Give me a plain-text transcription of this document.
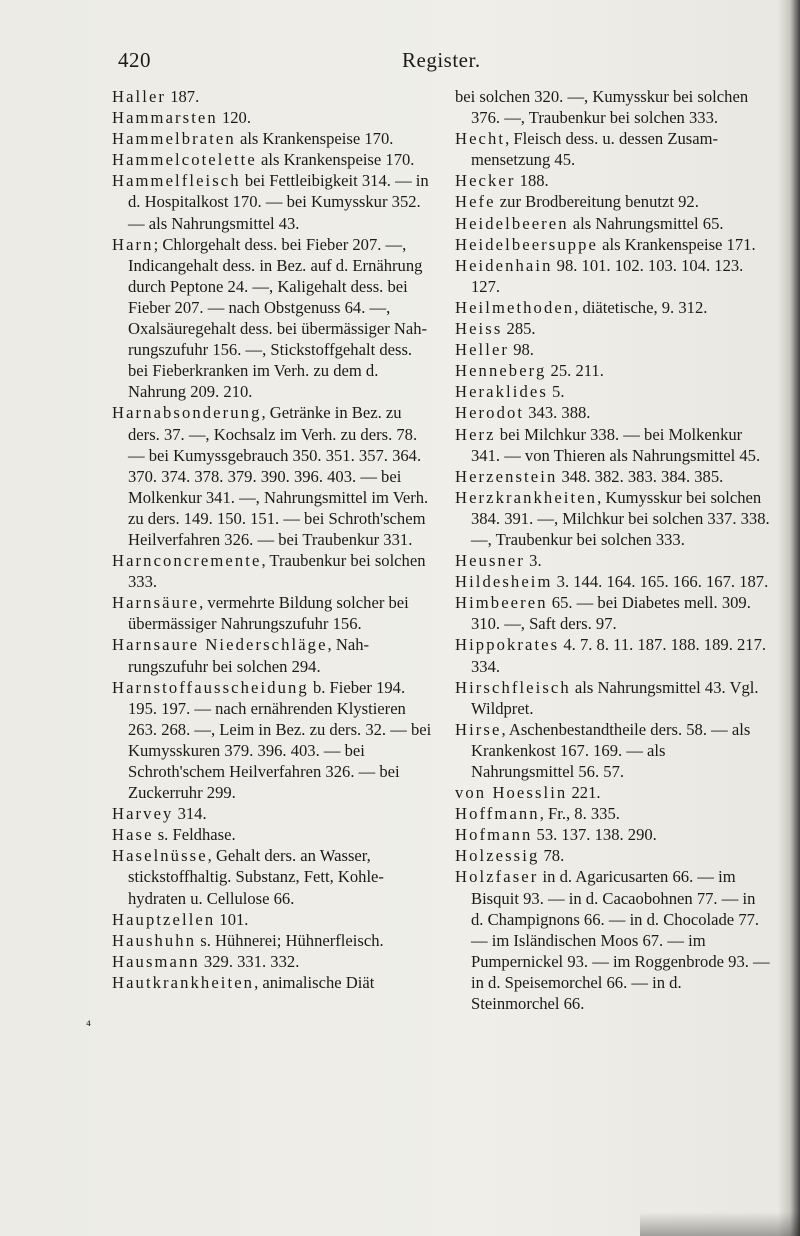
420	Register.

Haller 187.

Hammarsten 120.

Hammelbraten als Krankenspeise 170.

Hammelcotelette als Krankenspeise 170.

Hammelfleisch bei Fettleibigkeit 314. — in d. Hospitalkost 170. — bei Kumysskur 352. — als Nahrungsmittel 43.

Harn; Chlorgehalt dess. bei Fieber 207. —, Indicangehalt dess. in Bez. auf d. Ernährung durch Peptone 24. —, Kaligehalt dess. bei Fieber 207. — nach Obstgenuss 64. —, Oxalsäuregehalt dess. bei übermässiger Nahrungszufuhr 156. —, Stickstoffgehalt dess. bei Fieberkranken im Verh. zu dem d. Nahrung 209. 210.

Harnabsonderung, Getränke in Bez. zu ders. 37. —, Kochsalz im Verh. zu ders. 78. — bei Kumyssgebrauch 350. 351. 357. 364. 370. 374. 378. 379. 390. 396. 403. — bei Molkenkur 341. —, Nahrungsmittel im Verh. zu ders. 149. 150. 151. — bei Schroth'schem Heilverfahren 326. — bei Traubenkur 331.

Harnconcremente, Traubenkur bei solchen 333.

Harnsäure, vermehrte Bildung solcher bei übermässiger Nahrungszufuhr 156.

Harnsaure Niederschläge, Nahrungszufuhr bei solchen 294.

Harnstoffausscheidung b. Fieber 194. 195. 197. — nach ernährenden Klystieren 263. 268. —, Leim in Bez. zu ders. 32. — bei Kumysskuren 379. 396. 403. — bei Schroth'schem Heilverfahren 326. — bei Zuckerruhr 299.

Harvey 314.

Hase s. Feldhase.

Haselnüsse, Gehalt ders. an Wasser, stickstoffhaltig. Substanz, Fett, Kohlehydraten u. Cellulose 66.

Hauptzellen 101.

Haushuhn s. Hühnerei; Hühnerfleisch.

Hausmann 329. 331. 332.

Hautkrankheiten, animalische Diät

bei solchen 320. —, Kumysskur bei solchen 376. —, Traubenkur bei solchen 333.

Hecht, Fleisch dess. u. dessen Zusammensetzung 45.

Hecker 188.

Hefe zur Brodbereitung benutzt 92.

Heidelbeeren als Nahrungsmittel 65.

Heidelbeersuppe als Krankenspeise 171.

Heidenhain 98. 101. 102. 103. 104. 123. 127.

Heilmethoden, diätetische, 9. 312.

Heiss 285.

Heller 98.

Henneberg 25. 211.

Heraklides 5.

Herodot 343. 388.

Herz bei Milchkur 338. — bei Molkenkur 341. — von Thieren als Nahrungsmittel 45.

Herzenstein 348. 382. 383. 384. 385.

Herzkrankheiten, Kumysskur bei solchen 384. 391. —, Milchkur bei solchen 337. 338. —, Traubenkur bei solchen 333.

Heusner 3.

Hildesheim 3. 144. 164. 165. 166. 167. 187.

Himbeeren 65. — bei Diabetes mell. 309. 310. —, Saft ders. 97.

Hippokrates 4. 7. 8. 11. 187. 188. 189. 217. 334.

Hirschfleisch als Nahrungsmittel 43. Vgl. Wildpret.

Hirse, Aschenbestandtheile ders. 58. — als Krankenkost 167. 169. — als Nahrungsmittel 56. 57.

von Hoesslin 221.

Hoffmann, Fr., 8. 335.

Hofmann 53. 137. 138. 290.

Holzessig 78.

Holzfaser in d. Agaricusarten 66. — im Bisquit 93. — in d. Cacaobohnen 77. — in d. Champignons 66. — in d. Chocolade 77. — im Isländischen Moos 67. — im Pumpernickel 93. — im Roggenbrode 93. — in d. Speisemorchel 66. — in d. Steinmorchel 66.

⁴
